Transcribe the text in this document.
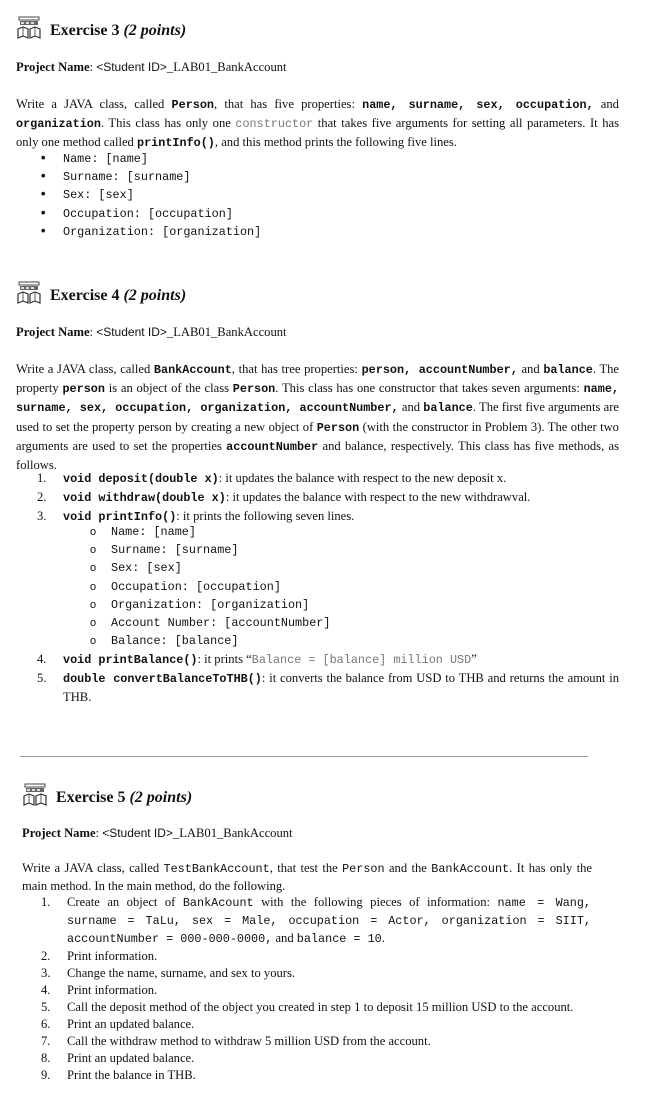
Exercise 3 (2 points)
Project Name: <Student ID>_LAB01_BankAccount
Write a JAVA class, called Person, that has five properties: name, surname, sex, occupation, and organization. This class has only one constructor that takes five arguments for setting all parameters. It has only one method called printInfo(), and this method prints the following five lines.
• Name: [name]
• Surname: [surname]
• Sex: [sex]
• Occupation: [occupation]
• Organization: [organization]
Exercise 4 (2 points)
Project Name: <Student ID>_LAB01_BankAccount
Write a JAVA class, called BankAccount, that has tree properties: person, accountNumber, and balance. The property person is an object of the class Person. This class has one constructor that takes seven arguments: name, surname, sex, occupation, organization, accountNumber, and balance. The first five arguments are used to set the property person by creating a new object of Person (with the constructor in Problem 3). The other two arguments are used to set the properties accountNumber and balance, respectively. This class has five methods, as follows.
1. void deposit(double x): it updates the balance with respect to the new deposit x.
2. void withdraw(double x): it updates the balance with respect to the new withdrawval.
3. void printInfo(): it prints the following seven lines.
o Name: [name]
o Surname: [surname]
o Sex: [sex]
o Occupation: [occupation]
o Organization: [organization]
o Account Number: [accountNumber]
o Balance: [balance]
4. void printBalance(): it prints “Balance = [balance] million USD”
5. double convertBalanceToTHB(): it converts the balance from USD to THB and returns the amount in THB.
Exercise 5 (2 points)
Project Name: <Student ID>_LAB01_BankAccount
Write a JAVA class, called TestBankAccount, that test the Person and the BankAccount. It has only the main method. In the main method, do the following.
1. Create an object of BankAcount with the following pieces of information: name = Wang, surname = TaLu, sex = Male, occupation = Actor, organization = SIIT, accountNumber = 000-000-0000, and balance = 10.
2. Print information.
3. Change the name, surname, and sex to yours.
4. Print information.
5. Call the deposit method of the object you created in step 1 to deposit 15 million USD to the account.
6. Print an updated balance.
7. Call the withdraw method to withdraw 5 million USD from the account.
8. Print an updated balance.
9. Print the balance in THB.
